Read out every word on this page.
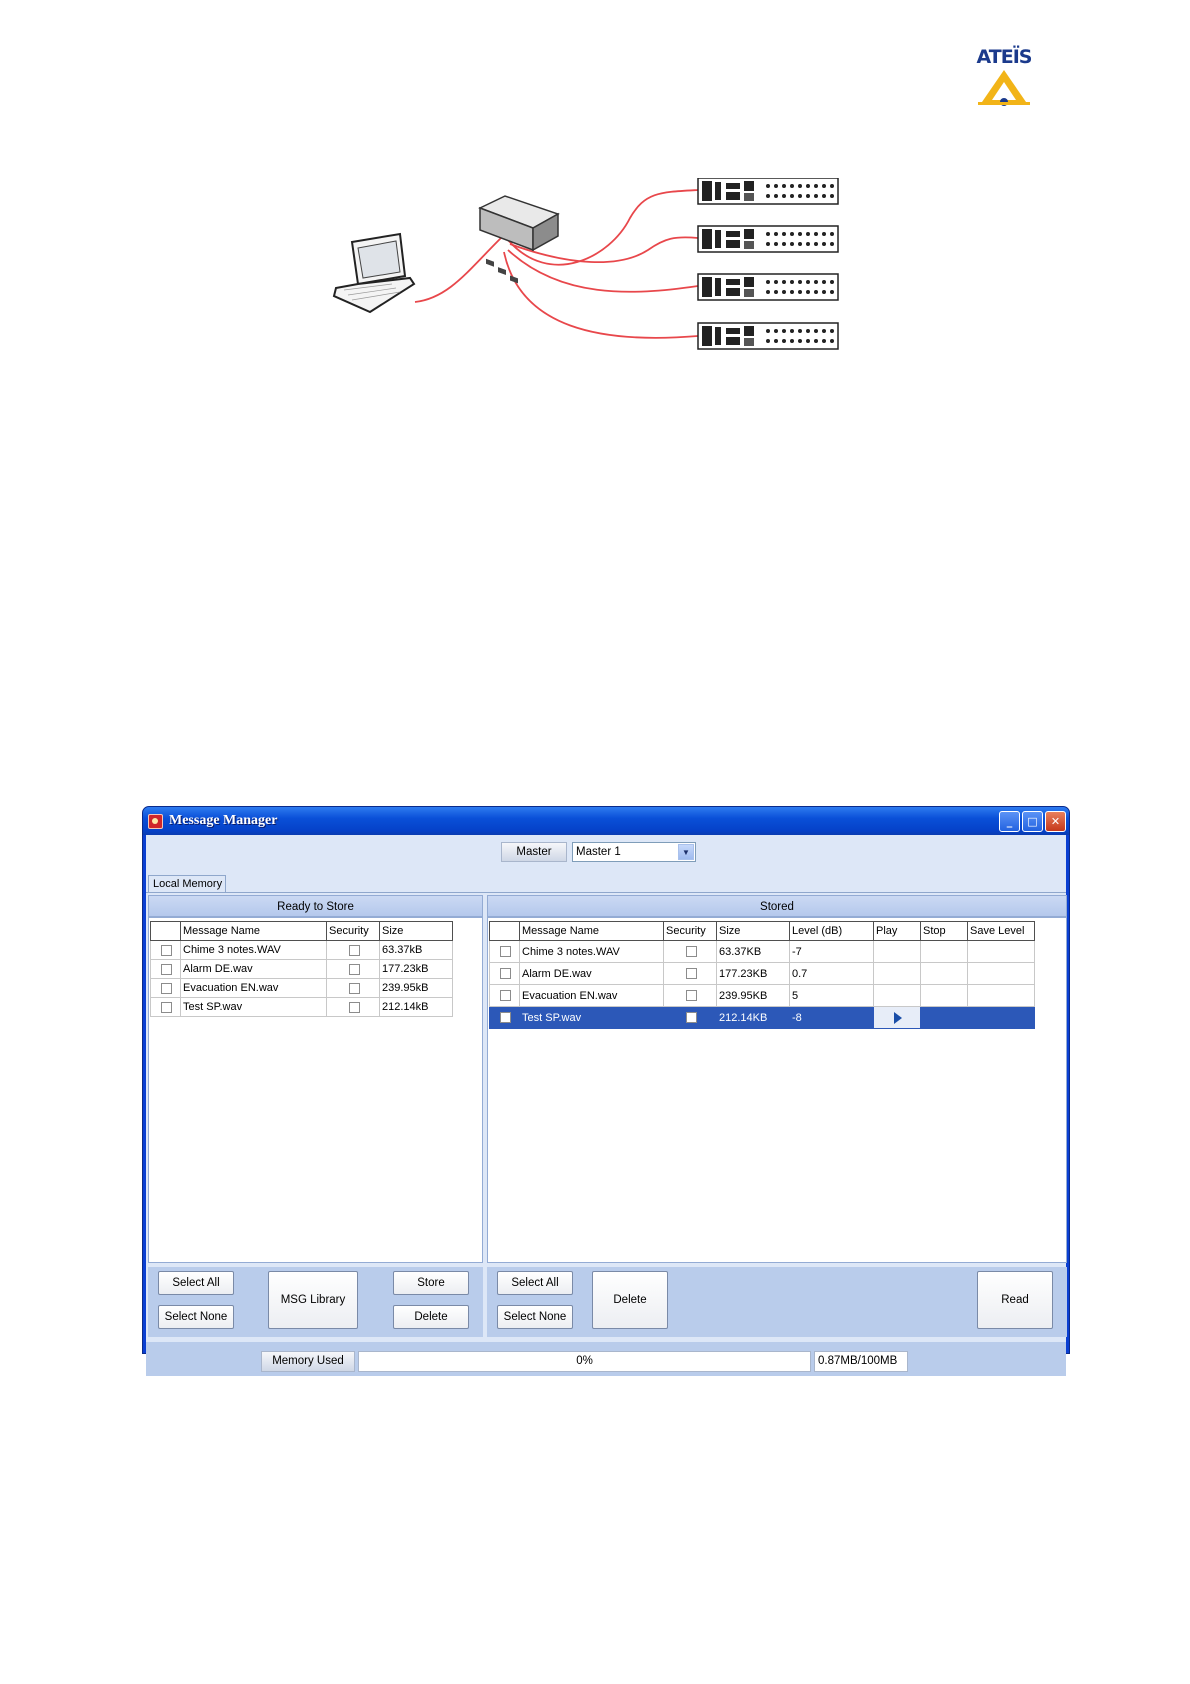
ATEÏS
Message Manager	_	□	✕
Master	Master 1	▼
Local Memory
Ready to Store
	Message Name	Security	Size
	Chime 3 notes.WAV		63.37kB
	Alarm DE.wav		177.23kB
	Evacuation EN.wav		239.95kB
	Test SP.wav		212.14kB
Stored
	Message Name	Security	Size	Level (dB)	Play	Stop	Save Level
	Chime 3 notes.WAV		63.37KB	-7			
	Alarm DE.wav		177.23KB	0.7			
	Evacuation EN.wav		239.95KB	5			
	Test SP.wav		212.14KB	-8			
Select All
Select None
MSG Library
Store
Delete
Select All
Select None
Delete	Read
Memory Used	0%	0.87MB/100MB
